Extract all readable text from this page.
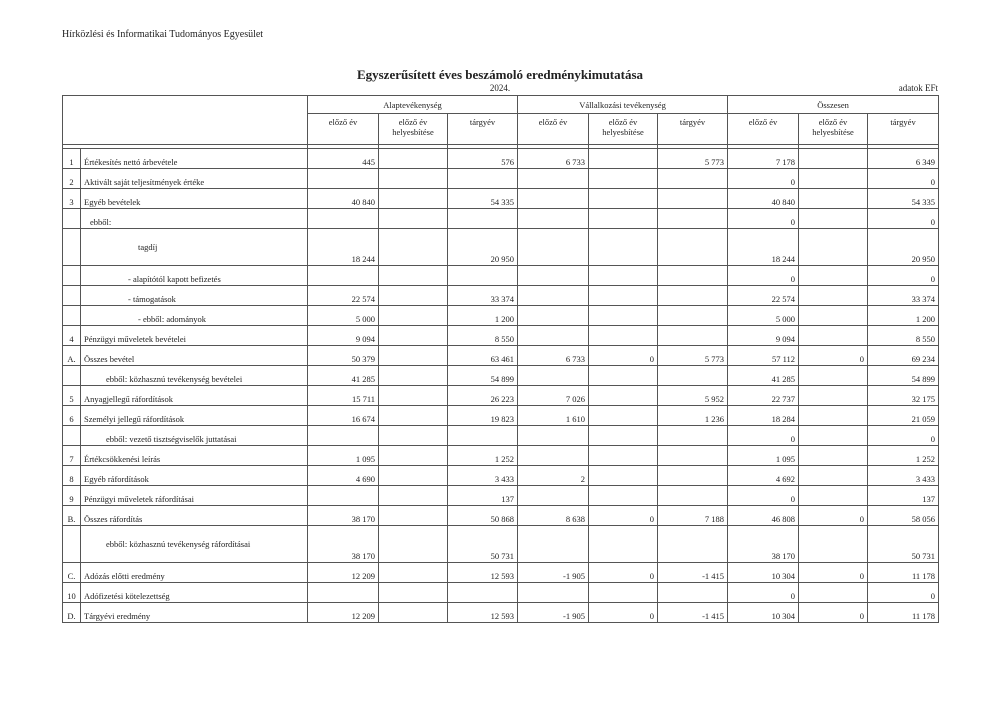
Hírközlési és Informatikai Tudományos Egyesület
Egyszerűsített éves beszámoló eredménykimutatása
2024.	adatok EFt
		Alaptevékenység			Vállalkozási tevékenység			Összesen		
		előző év	előző év helyesbítése	tárgyév	előző év	előző év helyesbítése	tárgyév	előző év	előző év helyesbítése	tárgyév

1	Értékesítés nettó árbevétele	445		576	6 733		5 773	7 178		6 349
2	Aktivált saját teljesítmények értéke							0		0
3	Egyéb bevételek	40 840		54 335				40 840		54 335
	ebből:							0		0
	tagdíj	18 244		20 950				18 244		20 950
	- alapítótól kapott befizetés							0		0
	- támogatások	22 574		33 374				22 574		33 374
	- ebből: adományok	5 000		1 200				5 000		1 200
4	Pénzügyi műveletek bevételei	9 094		8 550				9 094		8 550
A.	Összes bevétel	50 379		63 461	6 733	0	5 773	57 112	0	69 234
	ebből: közhasznú tevékenység bevételei	41 285		54 899				41 285		54 899
5	Anyagjellegű ráfordítások	15 711		26 223	7 026		5 952	22 737		32 175
6	Személyi jellegű ráfordítások	16 674		19 823	1 610		1 236	18 284		21 059
	ebből: vezető tisztségviselők juttatásai							0		0
7	Értékcsökkenési leírás	1 095		1 252				1 095		1 252
8	Egyéb ráfordítások	4 690		3 433	2			4 692		3 433
9	Pénzügyi műveletek ráfordításai			137				0		137
B.	Összes ráfordítás	38 170		50 868	8 638	0	7 188	46 808	0	58 056
	ebből: közhasznú tevékenység ráfordításai	38 170		50 731				38 170		50 731
C.	Adózás előtti eredmény	12 209		12 593	-1 905	0	-1 415	10 304	0	11 178
10	Adófizetési kötelezettség							0		0
D.	Tárgyévi eredmény	12 209		12 593	-1 905	0	-1 415	10 304	0	11 178
